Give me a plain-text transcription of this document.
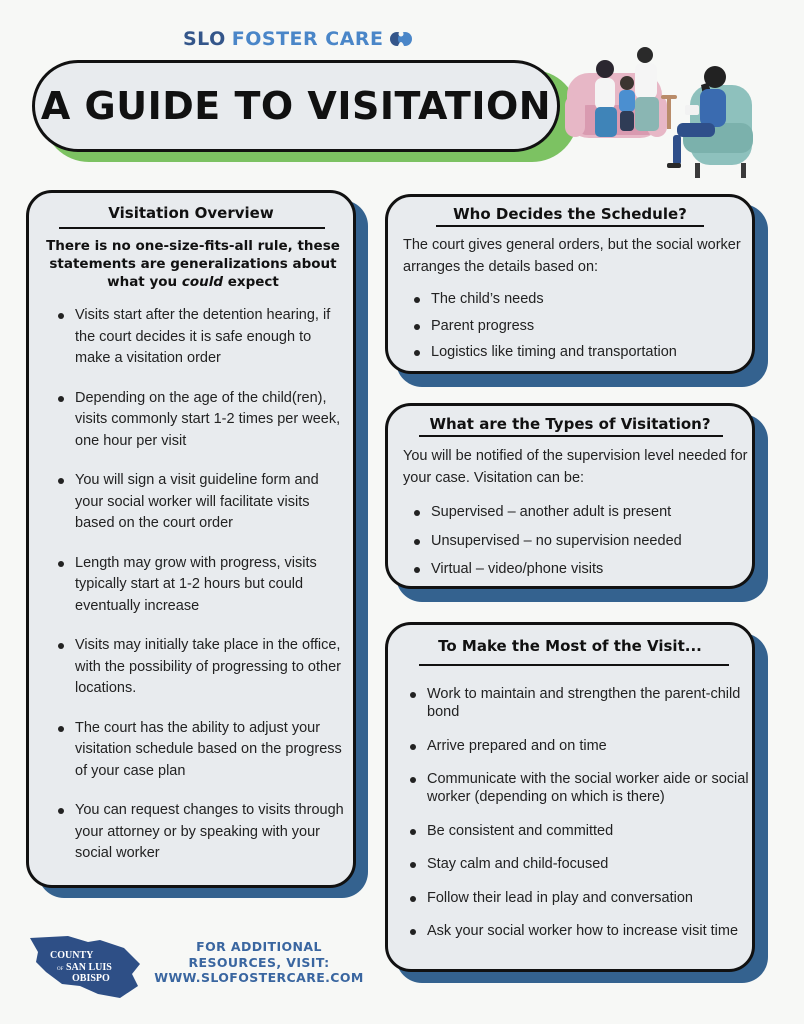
SLO FOSTER CARE
A GUIDE TO VISITATION
Visitation Overview
There is no one-size-fits-all rule, these statements are generalizations about what you could expect
Visits start after the detention hearing, if the court decides it is safe enough to make a visitation order
Depending on the age of the child(ren), visits commonly start 1-2 times per week, one hour per visit
You will sign a visit guideline form and your social worker will facilitate visits based on the court order
Length may grow with progress, visits typically start at 1-2 hours but could eventually increase
Visits may initially take place in the office, with the possibility of progressing to other locations.
The court has the ability to adjust your visitation schedule based on the progress of your case plan
You can request changes to visits through your attorney or by speaking with your social worker
Who Decides the Schedule?

The court gives general orders, but the social worker arranges the details based on:

The child’s needs
Parent progress
Logistics like timing and transportation
What are the Types of Visitation?

You will be notified of the supervision level needed for your case. Visitation can be:

Supervised – another adult is present
Unsupervised – no supervision needed
Virtual – video/phone visits
To Make the Most of the Visit...
Work to maintain and strengthen the parent-child bond
Arrive prepared and on time
Communicate with the social worker aide or social worker (depending on which is there)
Be consistent and committed
Stay calm and child-focused
Follow their lead in play and conversation
Ask your social worker how to increase visit time
COUNTY
OF SAN LUIS
OBISPO
FOR ADDITIONAL
RESOURCES, VISIT:
WWW.SLOFOSTERCARE.COM
